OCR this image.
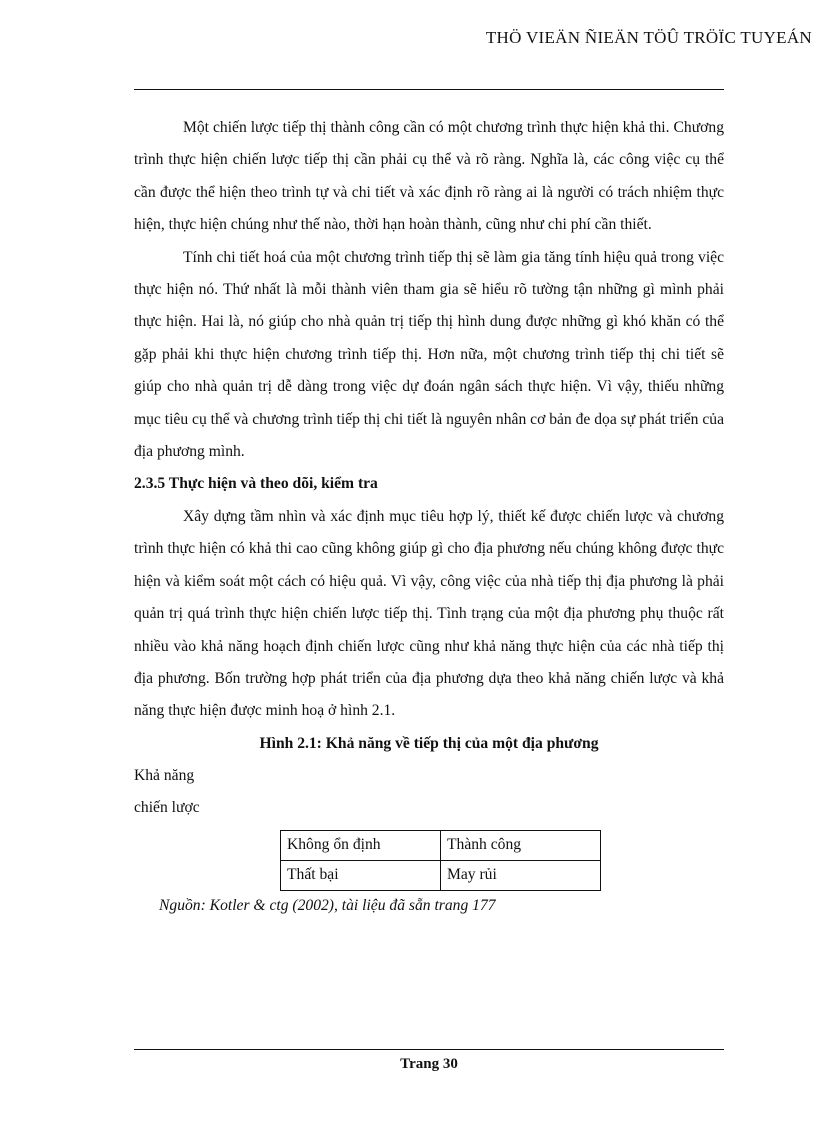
THÖ VIEÄN ÑIEÄN TÖÛ TRÖÏC TUYEÁN

Một chiến lược tiếp thị thành công cần có một chương trình thực hiện khả thi. Chương trình thực hiện chiến lược tiếp thị cần phải cụ thể và rõ ràng. Nghĩa là, các công việc cụ thể cần được thể hiện theo trình tự và chi tiết và xác định rõ ràng ai là người có trách nhiệm thực hiện, thực hiện chúng như thế nào, thời hạn hoàn thành, cũng như chi phí cần thiết.

Tính chi tiết hoá của một chương trình tiếp thị sẽ làm gia tăng tính hiệu quả trong việc thực hiện nó. Thứ nhất là mỗi thành viên tham gia sẽ hiểu rõ tường tận những gì mình phải thực hiện. Hai là, nó giúp cho nhà quản trị tiếp thị hình dung được những gì khó khăn có thể gặp phải khi thực hiện chương trình tiếp thị. Hơn nữa, một chương trình tiếp thị chi tiết sẽ giúp cho nhà quản trị dễ dàng trong việc dự đoán ngân sách thực hiện. Vì vậy, thiếu những mục tiêu cụ thể và chương trình tiếp thị chi tiết là nguyên nhân cơ bản đe dọa sự phát triển của địa phương mình.

2.3.5 Thực hiện và theo dõi, kiểm tra

Xây dựng tầm nhìn và xác định mục tiêu hợp lý, thiết kế được chiến lược và chương trình thực hiện có khả thi cao cũng không giúp gì cho địa phương nếu chúng không được thực hiện và kiểm soát một cách có hiệu quả. Vì vậy, công việc của nhà tiếp thị địa phương là phải quản trị quá trình thực hiện chiến lược tiếp thị. Tình trạng của một địa phương phụ thuộc rất nhiều vào khả năng hoạch định chiến lược cũng như khả năng thực hiện của các nhà tiếp thị địa phương. Bốn trường hợp phát triển của địa phương dựa theo khả năng chiến lược và khả năng thực hiện được minh hoạ ở hình 2.1.

Hình 2.1: Khả năng về tiếp thị của một địa phương

Khả năng

chiến lược

Không ổn định	Thành công
Thất bại	May rủi

Nguồn: Kotler & ctg (2002), tài liệu đã sẵn trang 177

Trang 30
